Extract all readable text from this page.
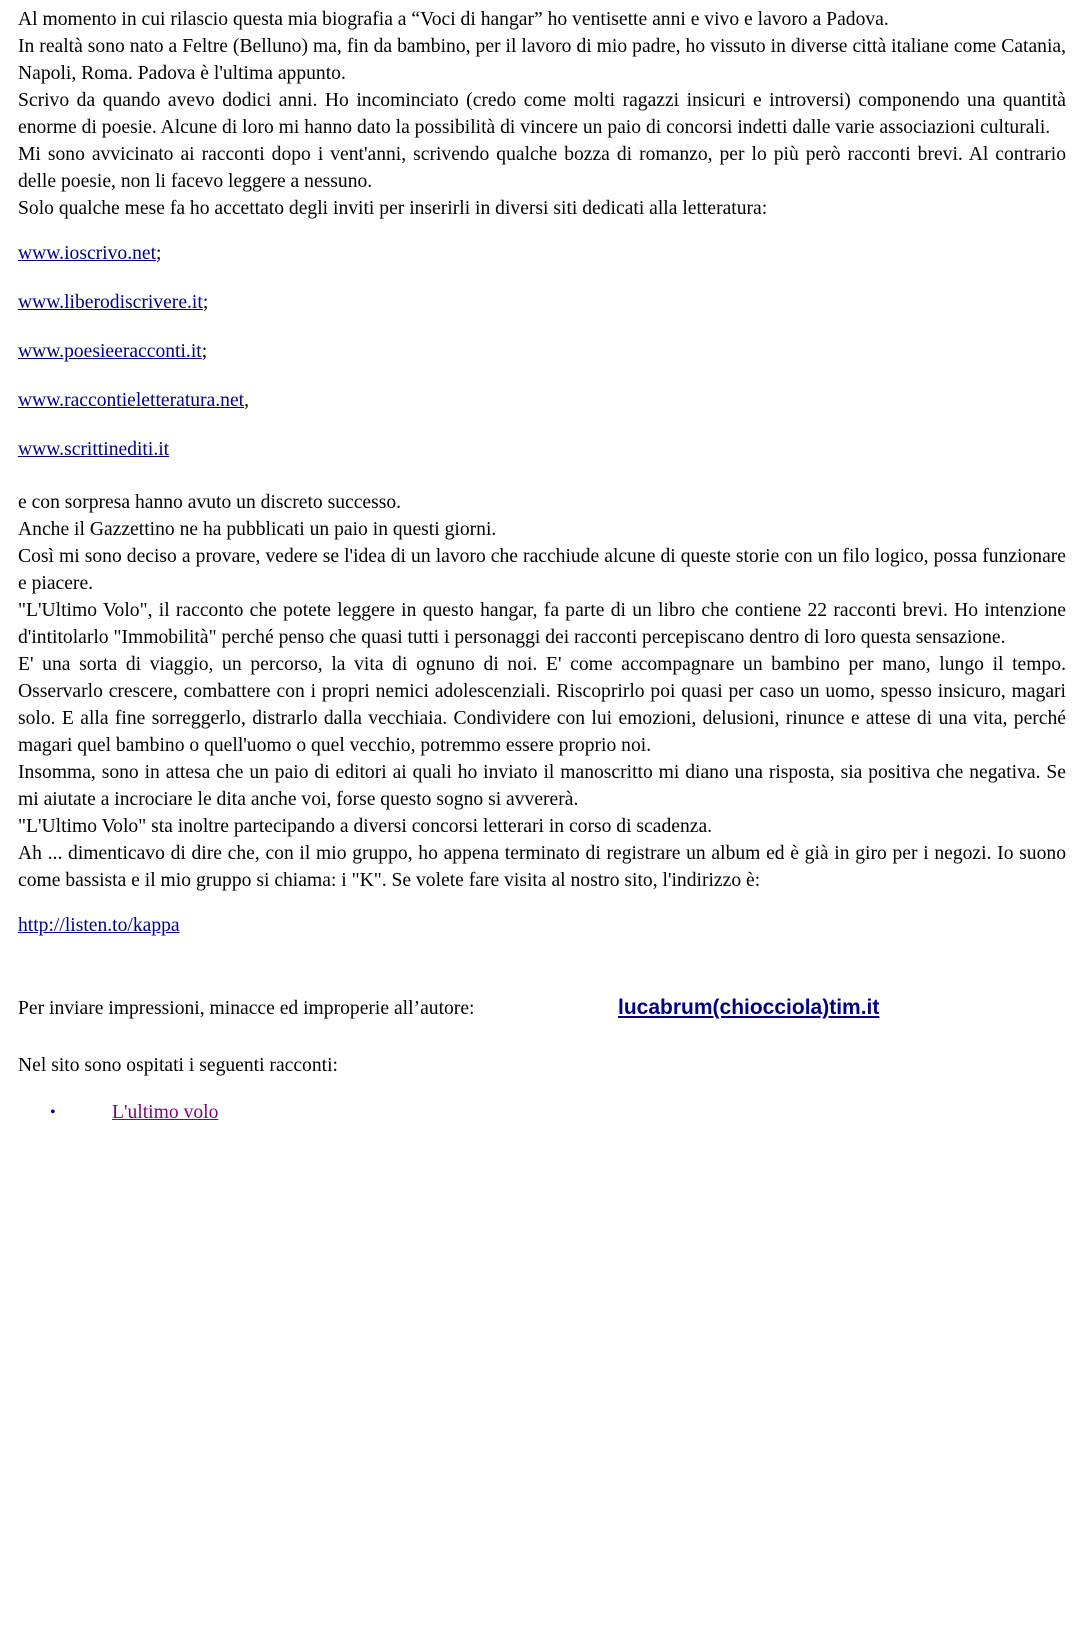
Al momento in cui rilascio questa mia biografia a “Voci di hangar” ho ventisette anni e vivo e lavoro a Padova.

In realtà sono nato a Feltre (Belluno) ma, fin da bambino, per il lavoro di mio padre, ho vissuto in diverse città italiane come Catania, Napoli, Roma. Padova è l'ultima appunto.

Scrivo da quando avevo dodici anni. Ho incominciato (credo come molti ragazzi insicuri e introversi) componendo una quantità enorme di poesie. Alcune di loro mi hanno dato la possibilità di vincere un paio di concorsi indetti dalle varie associazioni culturali.

Mi sono avvicinato ai racconti dopo i vent'anni, scrivendo qualche bozza di romanzo, per lo più però racconti brevi. Al contrario delle poesie, non li facevo leggere a nessuno.

Solo qualche mese fa ho accettato degli inviti per inserirli in diversi siti dedicati alla letteratura:

www.ioscrivo.net;
www.liberodiscrivere.it;
www.poesieeracconti.it;
www.raccontieletteratura.net,
www.scrittinediti.it

e con sorpresa hanno avuto un discreto successo.

Anche il Gazzettino ne ha pubblicati un paio in questi giorni.

Così mi sono deciso a provare, vedere se l'idea di un lavoro che racchiude alcune di queste storie con un filo logico, possa funzionare e piacere.

"L'Ultimo Volo", il racconto che potete leggere in questo hangar, fa parte di un libro che contiene 22 racconti brevi. Ho intenzione d'intitolarlo "Immobilità" perché penso che quasi tutti i personaggi dei racconti percepiscano dentro di loro questa sensazione.

E' una sorta di viaggio, un percorso, la vita di ognuno di noi. E' come accompagnare un bambino per mano, lungo il tempo. Osservarlo crescere, combattere con i propri nemici adolescenziali. Riscoprirlo poi quasi per caso un uomo, spesso insicuro, magari solo. E alla fine sorreggerlo, distrarlo dalla vecchiaia. Condividere con lui emozioni, delusioni, rinunce e attese di una vita, perché magari quel bambino o quell'uomo o quel vecchio, potremmo essere proprio noi.

Insomma, sono in attesa che un paio di editori ai quali ho inviato il manoscritto mi diano una risposta, sia positiva che negativa. Se mi aiutate a incrociare le dita anche voi, forse questo sogno si avvererà.

"L'Ultimo Volo" sta inoltre partecipando a diversi concorsi letterari in corso di scadenza.

Ah ... dimenticavo di dire che, con il mio gruppo, ho appena terminato di registrare un album ed è già in giro per i negozi. Io suono come bassista e il mio gruppo si chiama: i "K". Se volete fare visita al nostro sito, l'indirizzo è:

http://listen.to/kappa
Per inviare impressioni, minacce ed improperie all’autore:	lucabrum(chiocciola)tim.it
Nel sito sono ospitati i seguenti racconti:
•	L'ultimo volo
